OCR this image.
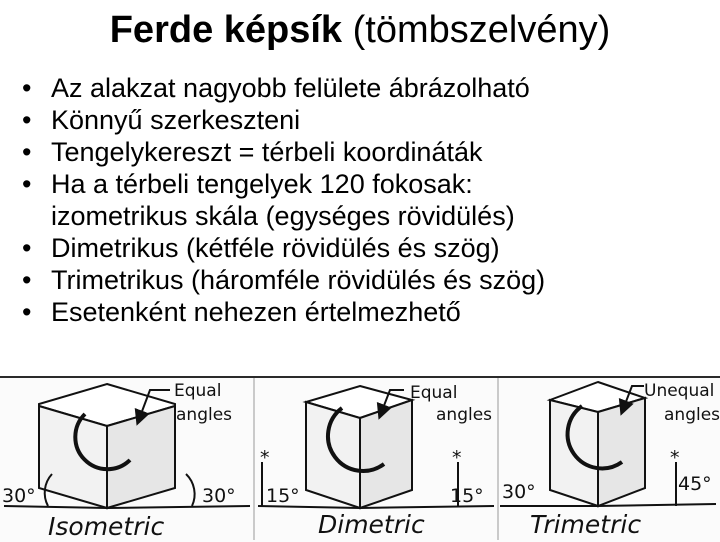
Ferde képsík (tömbszelvény)
• Az alakzat nagyobb felülete ábrázolható
• Könnyű szerkeszteni
• Tengelykereszt = térbeli koordináták
• Ha a térbeli tengelyek 120 fokosak:
izometrikus skála (egységes rövidülés)
• Dimetrikus (kétféle rövidülés és szög)
• Trimetrikus (háromféle rövidülés és szög)
• Esetenként nehezen értelmezhető
Equal
angles
30°	30°
Isometric
Equal
angles
*	*
15°	15°
Dimetric
Unequal
angles
*
30°	45°
Trimetric
